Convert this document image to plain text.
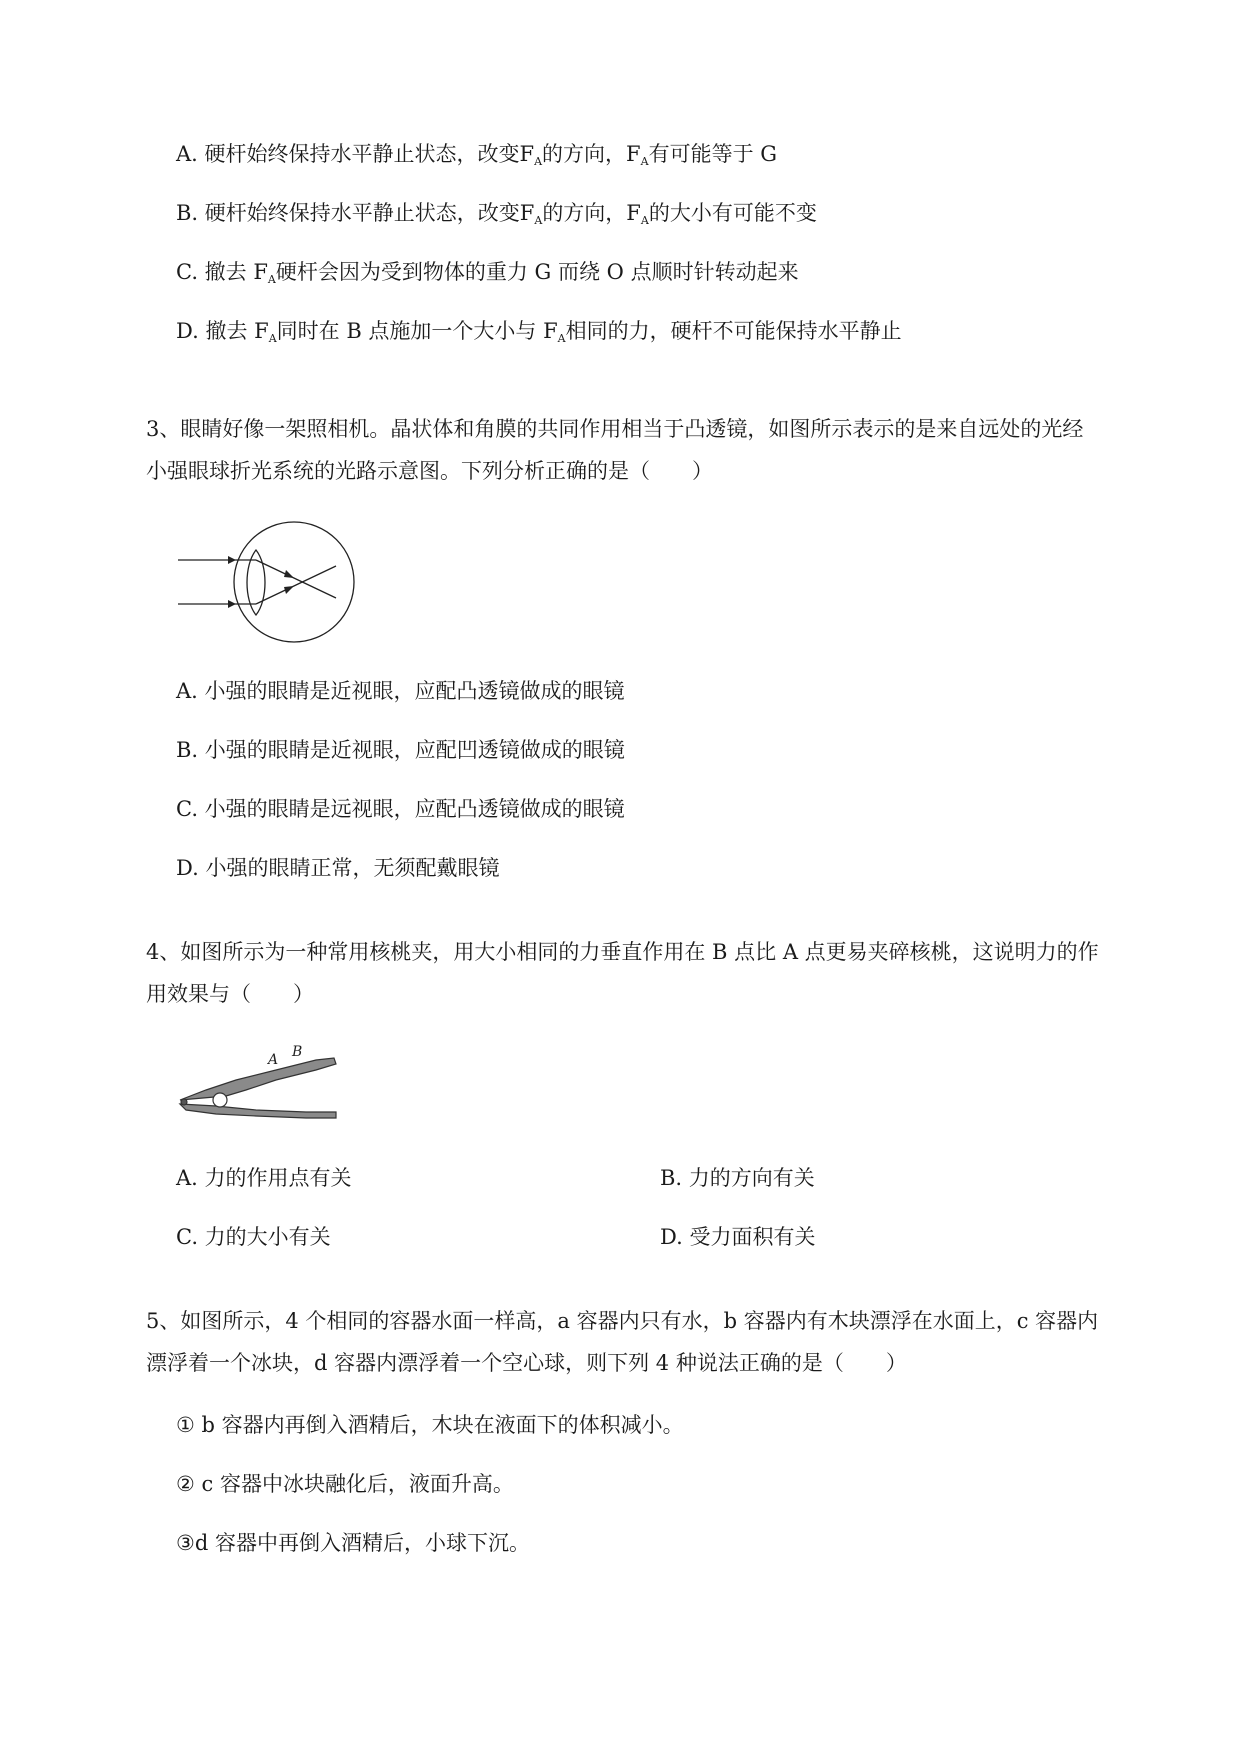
A. 硬杆始终保持水平静止状态，改变$F_A$的方向，$F_A$有可能等于 G
B. 硬杆始终保持水平静止状态，改变$F_A$的方向，$F_A$的大小有可能不变
C. 撤去 $F_A$硬杆会因为受到物体的重力 G 而绕 O 点顺时针转动起来
D. 撤去 $F_A$同时在 B 点施加一个大小与 $F_A$相同的力，硬杆不可能保持水平静止
3、眼睛好像一架照相机。晶状体和角膜的共同作用相当于凸透镜，如图所示表示的是来自远处的光经
小强眼球折光系统的光路示意图。下列分析正确的是（　　）
A. 小强的眼睛是近视眼，应配凸透镜做成的眼镜
B. 小强的眼睛是近视眼，应配凹透镜做成的眼镜
C. 小强的眼睛是远视眼，应配凸透镜做成的眼镜
D. 小强的眼睛正常，无须配戴眼镜
4、如图所示为一种常用核桃夹，用大小相同的力垂直作用在 B 点比 A 点更易夹碎核桃，这说明力的作
用效果与（　　）
A B
A. 力的作用点有关	B. 力的方向有关
C. 力的大小有关	D. 受力面积有关
5、如图所示，4 个相同的容器水面一样高，a 容器内只有水，b 容器内有木块漂浮在水面上，c 容器内
漂浮着一个冰块，d 容器内漂浮着一个空心球，则下列 4 种说法正确的是（　　）
① b 容器内再倒入酒精后，木块在液面下的体积减小。
② c 容器中冰块融化后，液面升高。
③d 容器中再倒入酒精后，小球下沉。
